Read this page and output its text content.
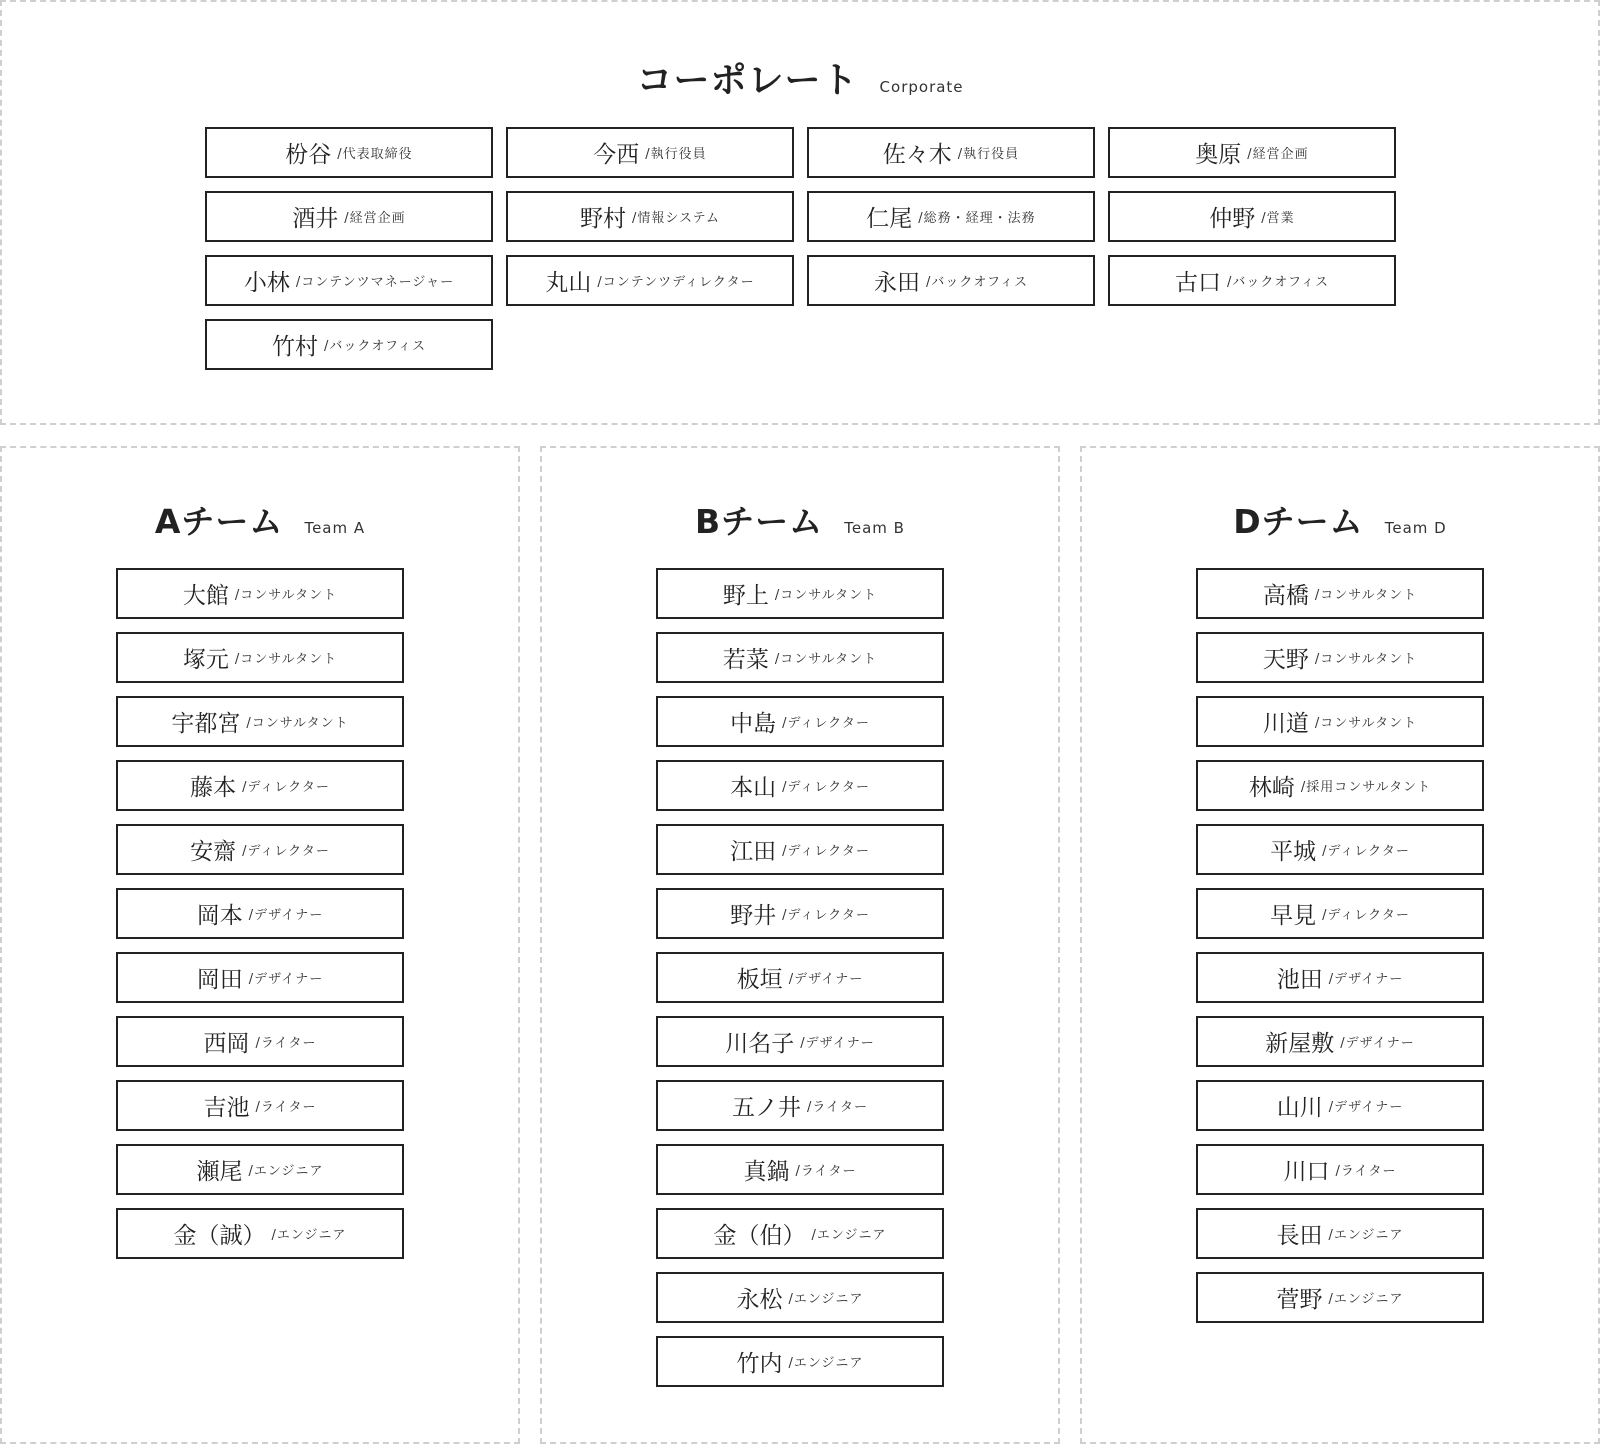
コーポレート Corporate
枌谷 /代表取締役	今西 /執行役員	佐々木 /執行役員	奥原 /経営企画
酒井 /経営企画	野村 /情報システム	仁尾 /総務・経理・法務	仲野 /営業
小林 /コンテンツマネージャー	丸山 /コンテンツディレクター	永田 /バックオフィス	古口 /バックオフィス
竹村 /バックオフィス
Aチーム Team A
大館 /コンサルタント
塚元 /コンサルタント
宇都宮 /コンサルタント
藤本 /ディレクター
安齋 /ディレクター
岡本 /デザイナー
岡田 /デザイナー
西岡 /ライター
吉池 /ライター
瀬尾 /エンジニア
金（誠） /エンジニア
Bチーム Team B
野上 /コンサルタント
若菜 /コンサルタント
中島 /ディレクター
本山 /ディレクター
江田 /ディレクター
野井 /ディレクター
板垣 /デザイナー
川名子 /デザイナー
五ノ井 /ライター
真鍋 /ライター
金（伯） /エンジニア
永松 /エンジニア
竹内 /エンジニア
Dチーム Team D
高橋 /コンサルタント
天野 /コンサルタント
川道 /コンサルタント
林崎 /採用コンサルタント
平城 /ディレクター
早見 /ディレクター
池田 /デザイナー
新屋敷 /デザイナー
山川 /デザイナー
川口 /ライター
長田 /エンジニア
菅野 /エンジニア
